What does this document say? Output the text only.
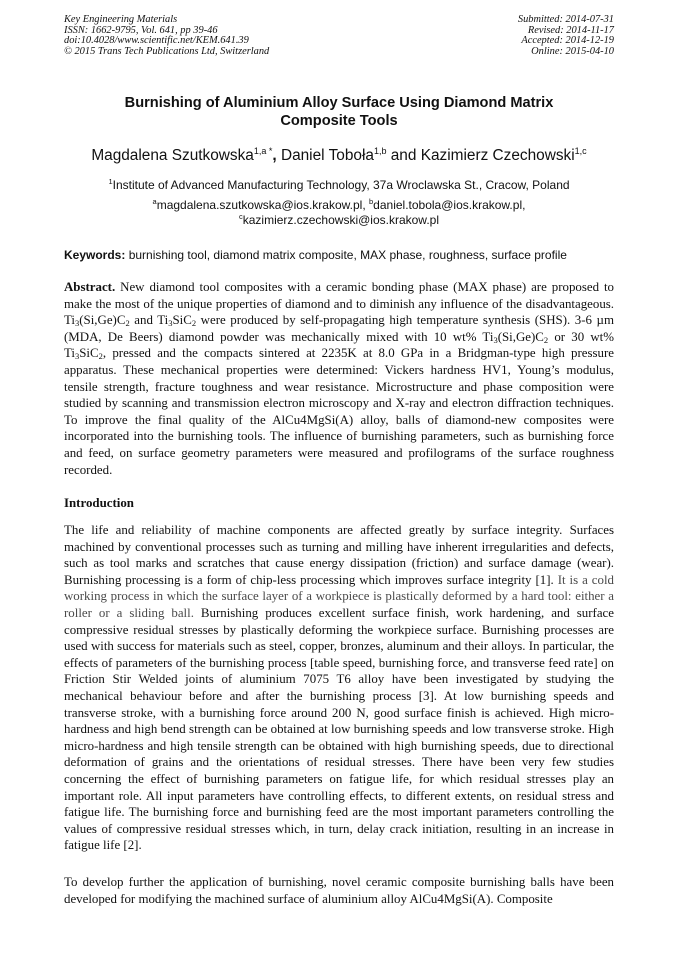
Key Engineering Materials
ISSN: 1662-9795, Vol. 641, pp 39-46
doi:10.4028/www.scientific.net/KEM.641.39
© 2015 Trans Tech Publications Ltd, Switzerland
Submitted: 2014-07-31
Revised: 2014-11-17
Accepted: 2014-12-19
Online: 2015-04-10
Burnishing of Aluminium Alloy Surface Using Diamond Matrix
Composite Tools
Magdalena Szutkowska$^{1,a *}$, Daniel Toboła$^{1,b}$ and Kazimierz Czechowski$^{1,c}$
$^1$Institute of Advanced Manufacturing Technology, 37a Wroclawska St., Cracow, Poland
$^a$magdalena.szutkowska@ios.krakow.pl, $^b$daniel.tobola@ios.krakow.pl,
$^c$kazimierz.czechowski@ios.krakow.pl
Keywords: burnishing tool, diamond matrix composite, MAX phase, roughness, surface profile
Abstract. New diamond tool composites with a ceramic bonding phase (MAX phase) are proposed to make the most of the unique properties of diamond and to diminish any influence of the disadvantageous. $Ti_3(Si,Ge)C_2$ and $Ti_3SiC_2$ were produced by self-propagating high temperature synthesis (SHS). 3-6 µm (MDA, De Beers) diamond powder was mechanically mixed with 10 wt% $Ti_3(Si,Ge)C_2$ or 30 wt% $Ti_3SiC_2$, pressed and the compacts sintered at 2235K at 8.0 GPa in a Bridgman-type high pressure apparatus. These mechanical properties were determined: Vickers hardness HV1, Young’s modulus, tensile strength, fracture toughness and wear resistance. Microstructure and phase composition were studied by scanning and transmission electron microscopy and X-ray and electron diffraction techniques. To improve the final quality of the AlCu4MgSi(A) alloy, balls of diamond-new composites were incorporated into the burnishing tools. The influence of burnishing parameters, such as burnishing force and feed, on surface geometry parameters were measured and profilograms of the surface roughness recorded.
Introduction
The life and reliability of machine components are affected greatly by surface integrity. Surfaces machined by conventional processes such as turning and milling have inherent irregularities and defects, such as tool marks and scratches that cause energy dissipation (friction) and surface damage (wear). Burnishing processing is a form of chip-less processing which improves surface integrity [1]. It is a cold working process in which the surface layer of a workpiece is plastically deformed by a hard tool: either a roller or a sliding ball. Burnishing produces excellent surface finish, work hardening, and surface compressive residual stresses by plastically deforming the workpiece surface. Burnishing processes are used with success for materials such as steel, copper, bronzes, aluminum and their alloys. In particular, the effects of parameters of the burnishing process [table speed, burnishing force, and transverse feed rate] on Friction Stir Welded joints of aluminium 7075 T6 alloy have been investigated by studying the mechanical behaviour before and after the burnishing process [3]. At low burnishing speeds and transverse stroke, with a burnishing force around 200 N, good surface finish is achieved. High micro-hardness and high bend strength can be obtained at low burnishing speeds and low transverse stroke. High micro-hardness and high tensile strength can be obtained with high burnishing speeds, due to directional deformation of grains and the orientations of residual stresses. There have been very few studies concerning the effect of burnishing parameters on fatigue life, for which residual stresses play an important role. All input parameters have controlling effects, to different extents, on residual stress and fatigue life. The burnishing force and burnishing feed are the most important parameters controlling the values of compressive residual stresses which, in turn, delay crack initiation, resulting in an increase in fatigue life [2].
To develop further the application of burnishing, novel ceramic composite burnishing balls have been developed for modifying the machined surface of aluminium alloy AlCu4MgSi(A). Composite
